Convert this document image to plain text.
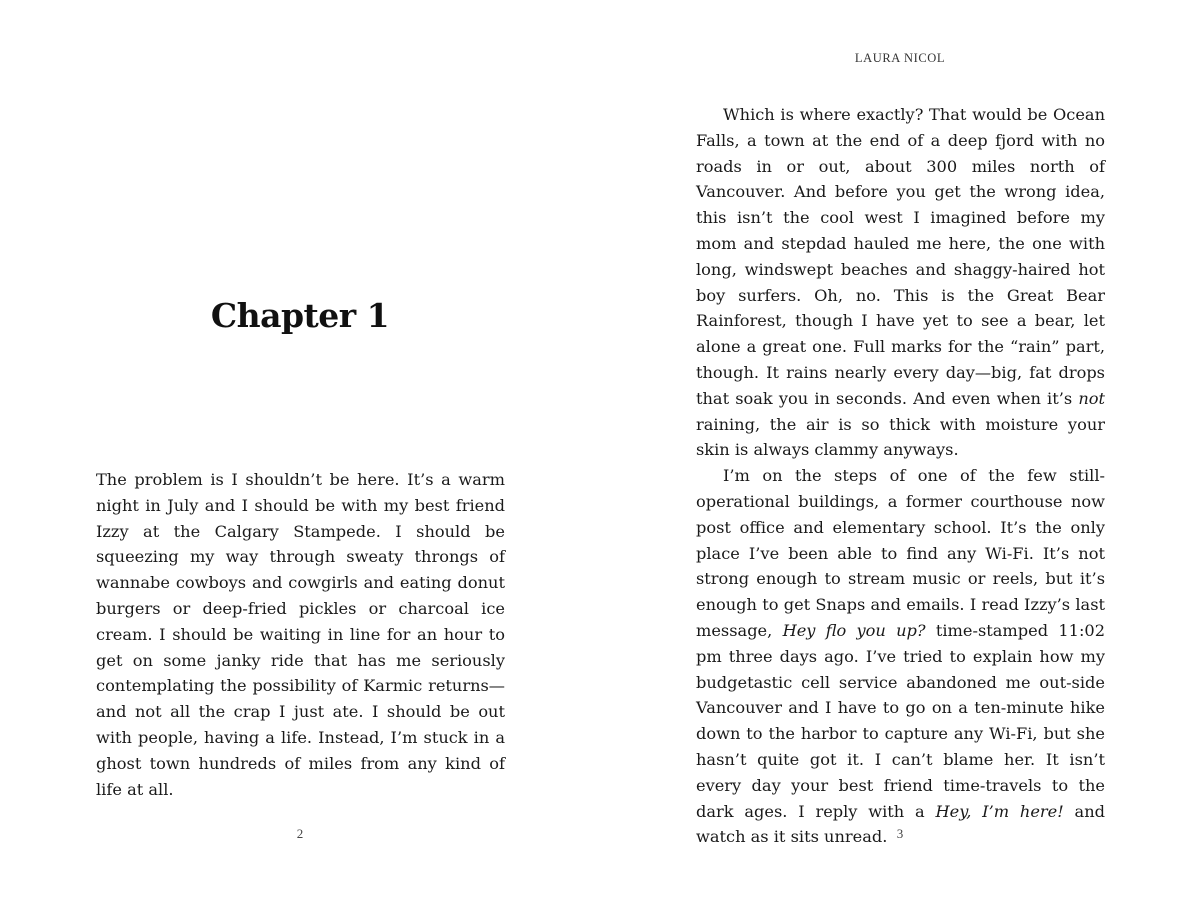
Chapter 1

The problem is I shouldn’t be here. It’s a warm night in July and I should be with my best friend Izzy at the Calgary Stampede. I should be squeezing my way through sweaty throngs of wannabe cowboys and cowgirls and eating donut burgers or deep-fried pickles or charcoal ice cream. I should be waiting in line for an hour to get on some janky ride that has me seriously contemplating the possibility of Karmic returns—and not all the crap I just ate. I should be out with people, having a life. Instead, I’m stuck in a ghost town hundreds of miles from any kind of life at all.

2
LAURA NICOL

Which is where exactly? That would be Ocean Falls, a town at the end of a deep fjord with no roads in or out, about 300 miles north of Vancouver. And before you get the wrong idea, this isn’t the cool west I imagined before my mom and stepdad hauled me here, the one with long, windswept beaches and shaggy-haired hot boy surfers. Oh, no. This is the Great Bear Rainforest, though I have yet to see a bear, let alone a great one. Full marks for the “rain” part, though. It rains nearly every day—big, fat drops that soak you in seconds. And even when it’s not raining, the air is so thick with moisture your skin is always clammy anyways.

I’m on the steps of one of the few still-operational buildings, a former courthouse now post office and elementary school. It’s the only place I’ve been able to find any Wi-Fi. It’s not strong enough to stream music or reels, but it’s enough to get Snaps and emails. I read Izzy’s last message, Hey flo you up? time-stamped 11:02 pm three days ago. I’ve tried to explain how my budgetastic cell service abandoned me out-side Vancouver and I have to go on a ten-minute hike down to the harbor to capture any Wi-Fi, but she hasn’t quite got it. I can’t blame her. It isn’t every day your best friend time-travels to the dark ages. I reply with a Hey, I’m here! and watch as it sits unread. 3
